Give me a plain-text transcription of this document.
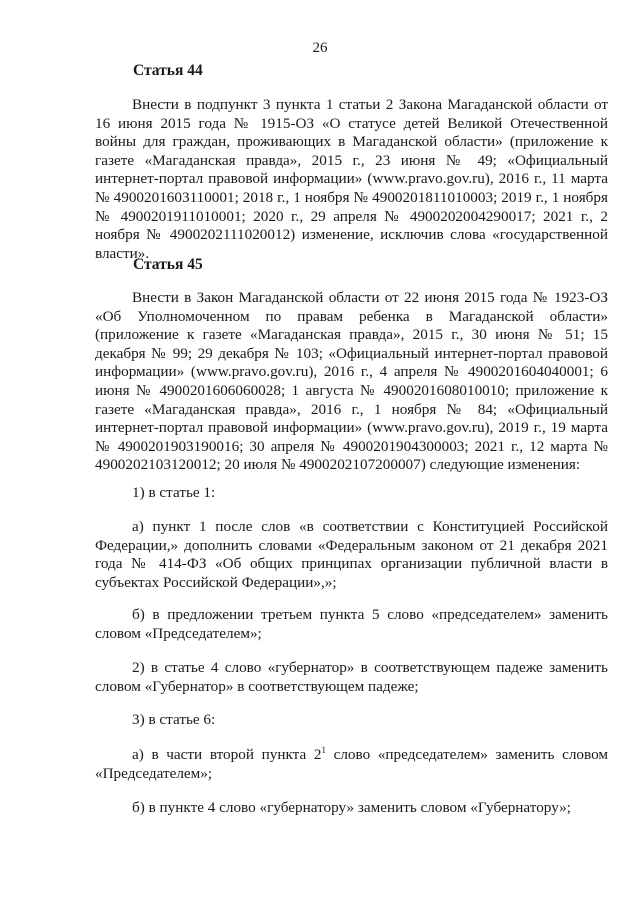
26
Статья 44
Внести в подпункт 3 пункта 1 статьи 2 Закона Магаданской области от 16 июня 2015 года № 1915-ОЗ «О статусе детей Великой Отечественной войны для граждан, проживающих в Магаданской области» (приложение к газете «Магаданская правда», 2015 г., 23 июня № 49; «Официальный интернет-портал правовой информации» (www.pravo.gov.ru), 2016 г., 11 марта № 4900201603110001; 2018 г., 1 ноября № 4900201811010003; 2019 г., 1 ноября № 4900201911010001; 2020 г., 29 апреля № 4900202004290017; 2021 г., 2 ноября № 4900202111020012) изменение, исключив слова «государственной власти».
Статья 45
Внести в Закон Магаданской области от 22 июня 2015 года № 1923-ОЗ «Об Уполномоченном по правам ребенка в Магаданской области» (приложение к газете «Магаданская правда», 2015 г., 30 июня № 51; 15 декабря № 99; 29 декабря № 103; «Официальный интернет-портал правовой информации» (www.pravo.gov.ru), 2016 г., 4 апреля № 4900201604040001; 6 июня № 4900201606060028; 1 августа № 4900201608010010; приложение к газете «Магаданская правда», 2016 г., 1 ноября № 84; «Официальный интернет-портал правовой информации» (www.pravo.gov.ru), 2019 г., 19 марта № 4900201903190016; 30 апреля № 4900201904300003; 2021 г., 12 марта № 4900202103120012; 20 июля № 4900202107200007) следующие изменения:
1) в статье 1:
а) пункт 1 после слов «в соответствии с Конституцией Российской Федерации,» дополнить словами «Федеральным законом от 21 декабря 2021 года № 414-ФЗ «Об общих принципах организации публичной власти в субъектах Российской Федерации»,»;
б) в предложении третьем пункта 5 слово «председателем» заменить словом «Председателем»;
2) в статье 4 слово «губернатор» в соответствующем падеже заменить словом «Губернатор» в соответствующем падеже;
3) в статье 6:
а) в части второй пункта $2^1$ слово «председателем» заменить словом «Председателем»;
б) в пункте 4 слово «губернатору» заменить словом «Губернатору»;
